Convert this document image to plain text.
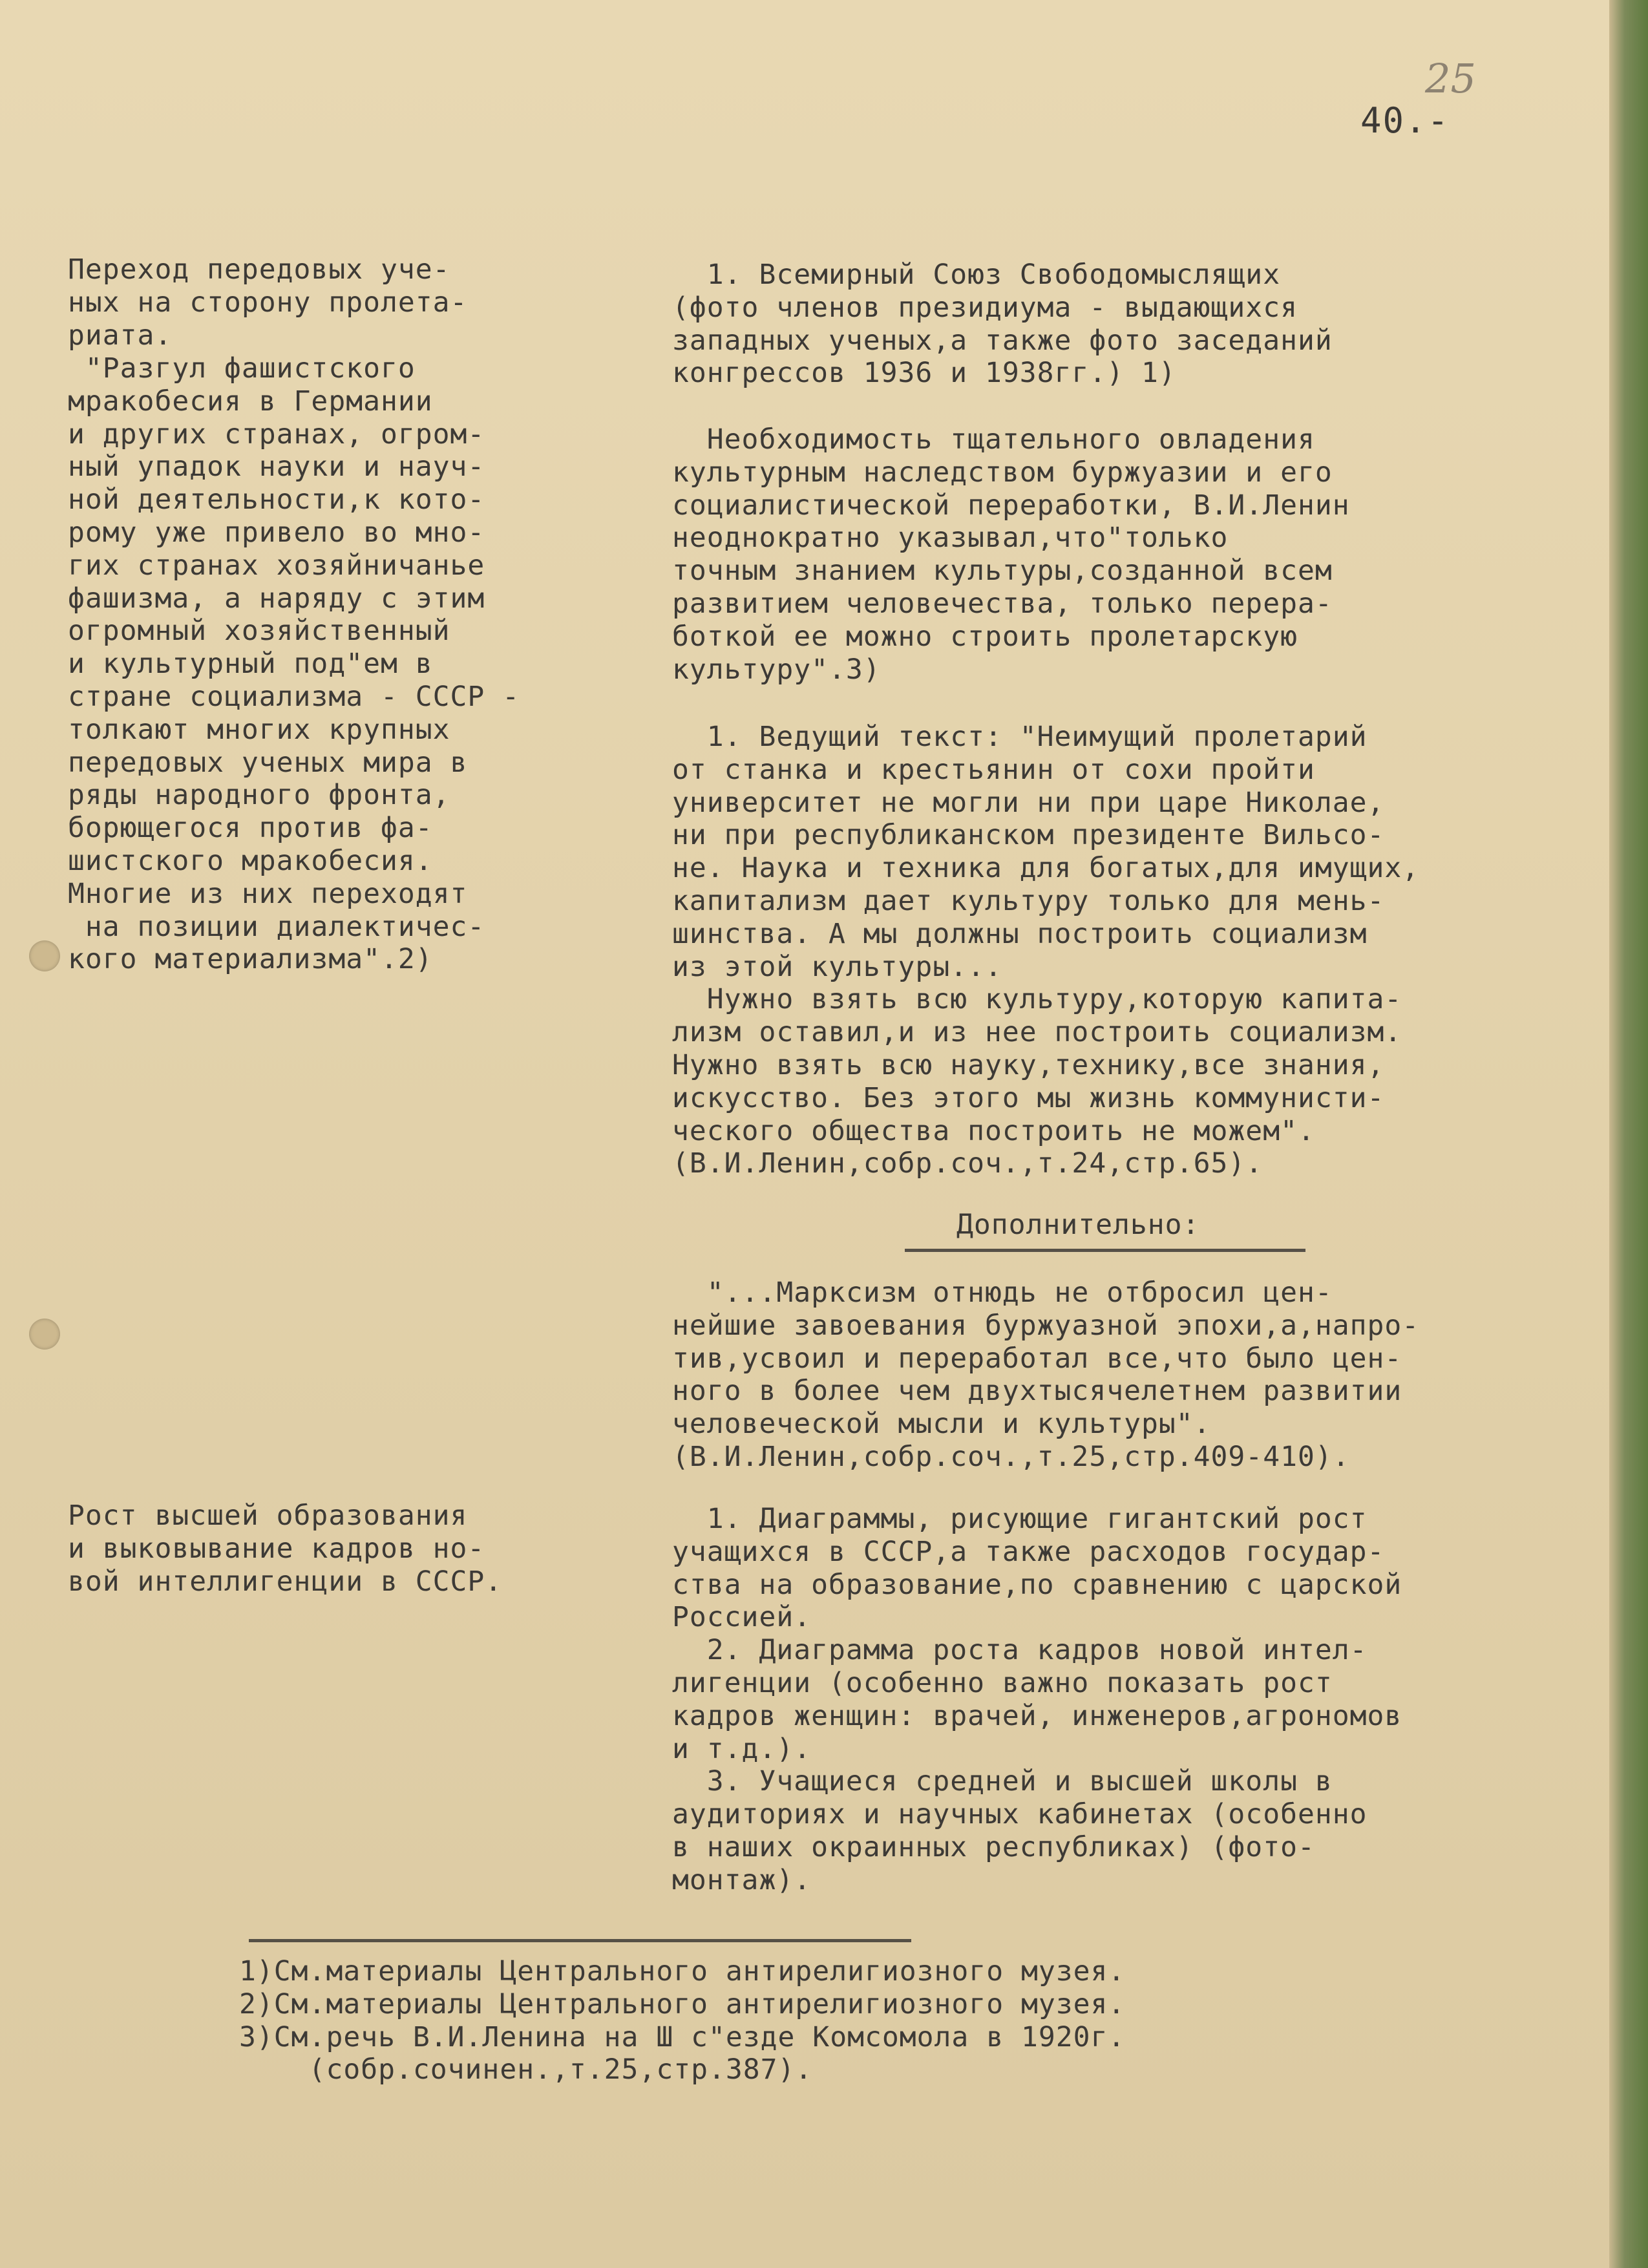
25
40.-
Переход передовых уче-
ных на сторону пролета-
риата.
"Разгул фашистского
мракобесия в Германии
и других странах, огром-
ный упадок науки и науч-
ной деятельности,к кото-
рому уже привело во мно-
гих странах хозяйничанье
фашизма, а наряду с этим
огромный хозяйственный
и культурный под"ем в
стране социализма - СССР -
толкают многих крупных
передовых ученых мира в
ряды народного фронта,
борющегося против фа-
шистского мракобесия.
Многие из них переходят
на позиции диалектичес-
кого материализма".2)
Рост высшей образования
и выковывание кадров но-
вой интеллигенции в СССР.
1. Всемирный Союз Свободомыслящих
(фото членов президиума - выдающихся
западных ученых,а также фото заседаний
конгрессов 1936 и 1938гг.) 1)
Необходимость тщательного овладения
культурным наследством буржуазии и его
социалистической переработки, В.И.Ленин
неоднократно указывал,что"только
точным знанием культуры,созданной всем
развитием человечества, только перера-
боткой ее можно строить пролетарскую
культуру".3)
1. Ведущий текст: "Неимущий пролетарий
от станка и крестьянин от сохи пройти
университет не могли ни при царе Николае,
ни при республиканском президенте Вильсо-
не. Наука и техника для богатых,для имущих,
капитализм дает культуру только для мень-
шинства. А мы должны построить социализм
из этой культуры...
Нужно взять всю культуру,которую капита-
лизм оставил,и из нее построить социализм.
Нужно взять всю науку,технику,все знания,
искусство. Без этого мы жизнь коммунисти-
ческого общества построить не можем".
(В.И.Ленин,собр.соч.,т.24,стр.65).
Дополнительно:
"...Марксизм отнюдь не отбросил цен-
нейшие завоевания буржуазной эпохи,а,напро-
тив,усвоил и переработал все,что было цен-
ного в более чем двухтысячелетнем развитии
человеческой мысли и культуры".
(В.И.Ленин,собр.соч.,т.25,стр.409-410).
1. Диаграммы, рисующие гигантский рост
учащихся в СССР,а также расходов государ-
ства на образование,по сравнению с царской
Россией.
2. Диаграмма роста кадров новой интел-
лигенции (особенно важно показать рост
кадров женщин: врачей, инженеров,агрономов
и т.д.).
3. Учащиеся средней и высшей школы в
аудиториях и научных кабинетах (особенно
в наших окраинных республиках) (фото-
монтаж).
1)См.материалы Центрального антирелигиозного музея.
2)См.материалы Центрального антирелигиозного музея.
3)См.речь В.И.Ленина на Ш с"езде Комсомола в 1920г.
(собр.сочинен.,т.25,стр.387).
